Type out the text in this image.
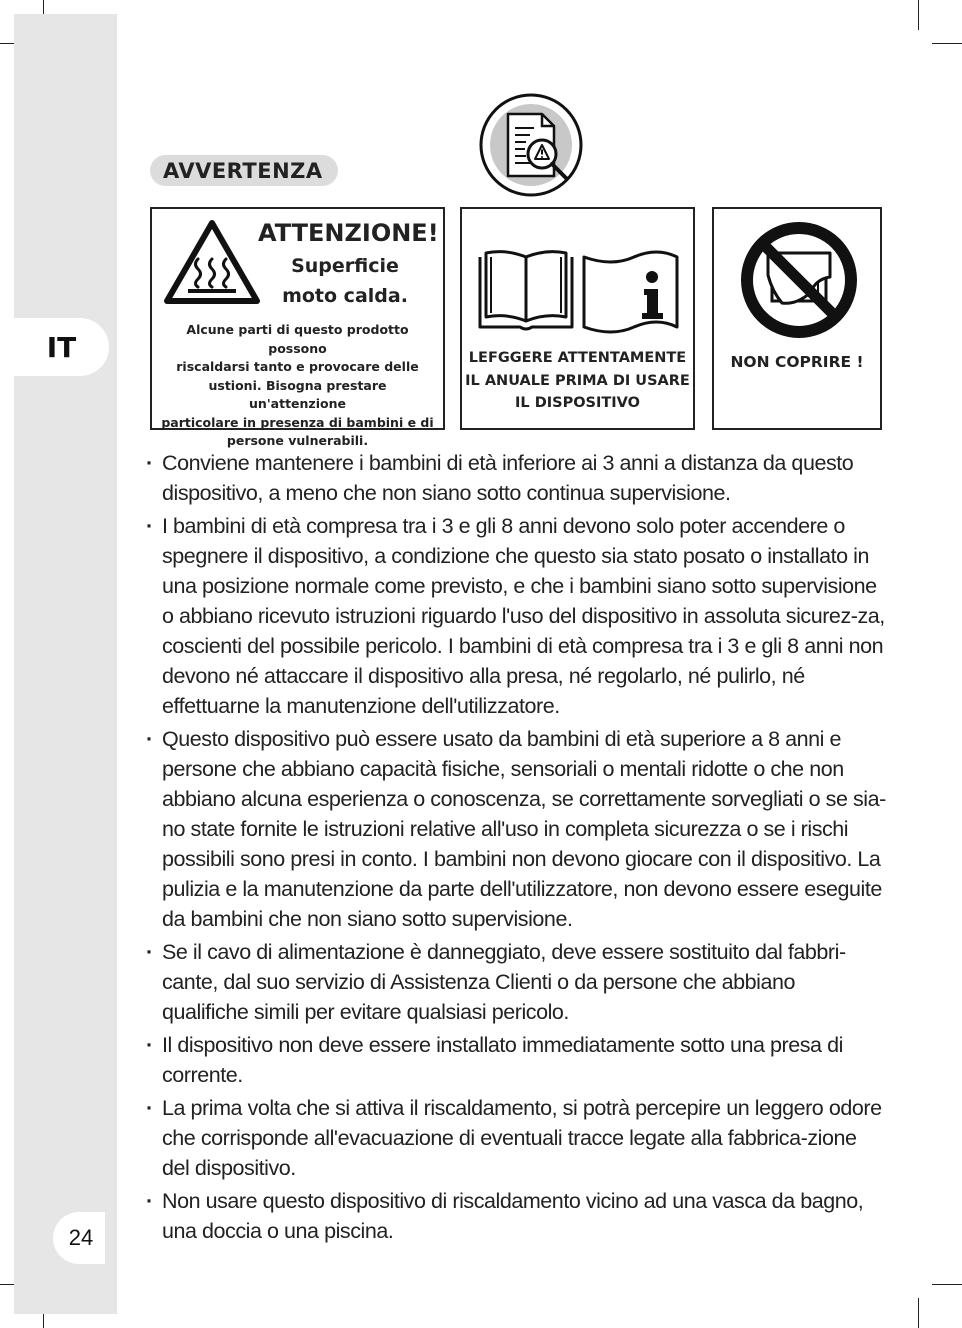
IT
24
AVVERTENZA
ATTENZIONE!
Superficie
moto calda.
Alcune parti di questo prodotto possono
riscaldarsi tanto e provocare delle
ustioni. Bisogna prestare un'attenzione
particolare in presenza di bambini e di
persone vulnerabili.
LEFGGERE ATTENTAMENTE
IL ANUALE PRIMA DI USARE
IL DISPOSITIVO
NON COPRIRE !
· Conviene mantenere i bambini di età inferiore ai 3 anni a distanza da questo dispositivo, a meno che non siano sotto continua supervisione.
· I bambini di età compresa tra i 3 e gli 8 anni devono solo poter accendere o spegnere il dispositivo, a condizione che questo sia stato posato o installato in una posizione normale come previsto, e che i bambini siano sotto supervisione o abbiano ricevuto istruzioni riguardo l'uso del dispositivo in assoluta sicurez-za, coscienti del possibile pericolo. I bambini di età compresa tra i 3 e gli 8 anni non devono né attaccare il dispositivo alla presa, né regolarlo, né pulirlo, né effettuarne la manutenzione dell'utilizzatore.
· Questo dispositivo può essere usato da bambini di età superiore a 8 anni e persone che abbiano capacità fisiche, sensoriali o mentali ridotte o che non abbiano alcuna esperienza o conoscenza, se correttamente sorvegliati o se sia-no state fornite le istruzioni relative all'uso in completa sicurezza o se i rischi possibili sono presi in conto. I bambini non devono giocare con il dispositivo. La pulizia e la manutenzione da parte dell'utilizzatore, non devono essere eseguite da bambini che non siano sotto supervisione.
· Se il cavo di alimentazione è danneggiato, deve essere sostituito dal fabbri-cante, dal suo servizio di Assistenza Clienti o da persone che abbiano qualifiche simili per evitare qualsiasi pericolo.
· Il dispositivo non deve essere installato immediatamente sotto una presa di corrente.
· La prima volta che si attiva il riscaldamento, si potrà percepire un leggero odore che corrisponde all'evacuazione di eventuali tracce legate alla fabbrica-zione del dispositivo.
· Non usare questo dispositivo di riscaldamento vicino ad una vasca da bagno, una doccia o una piscina.
